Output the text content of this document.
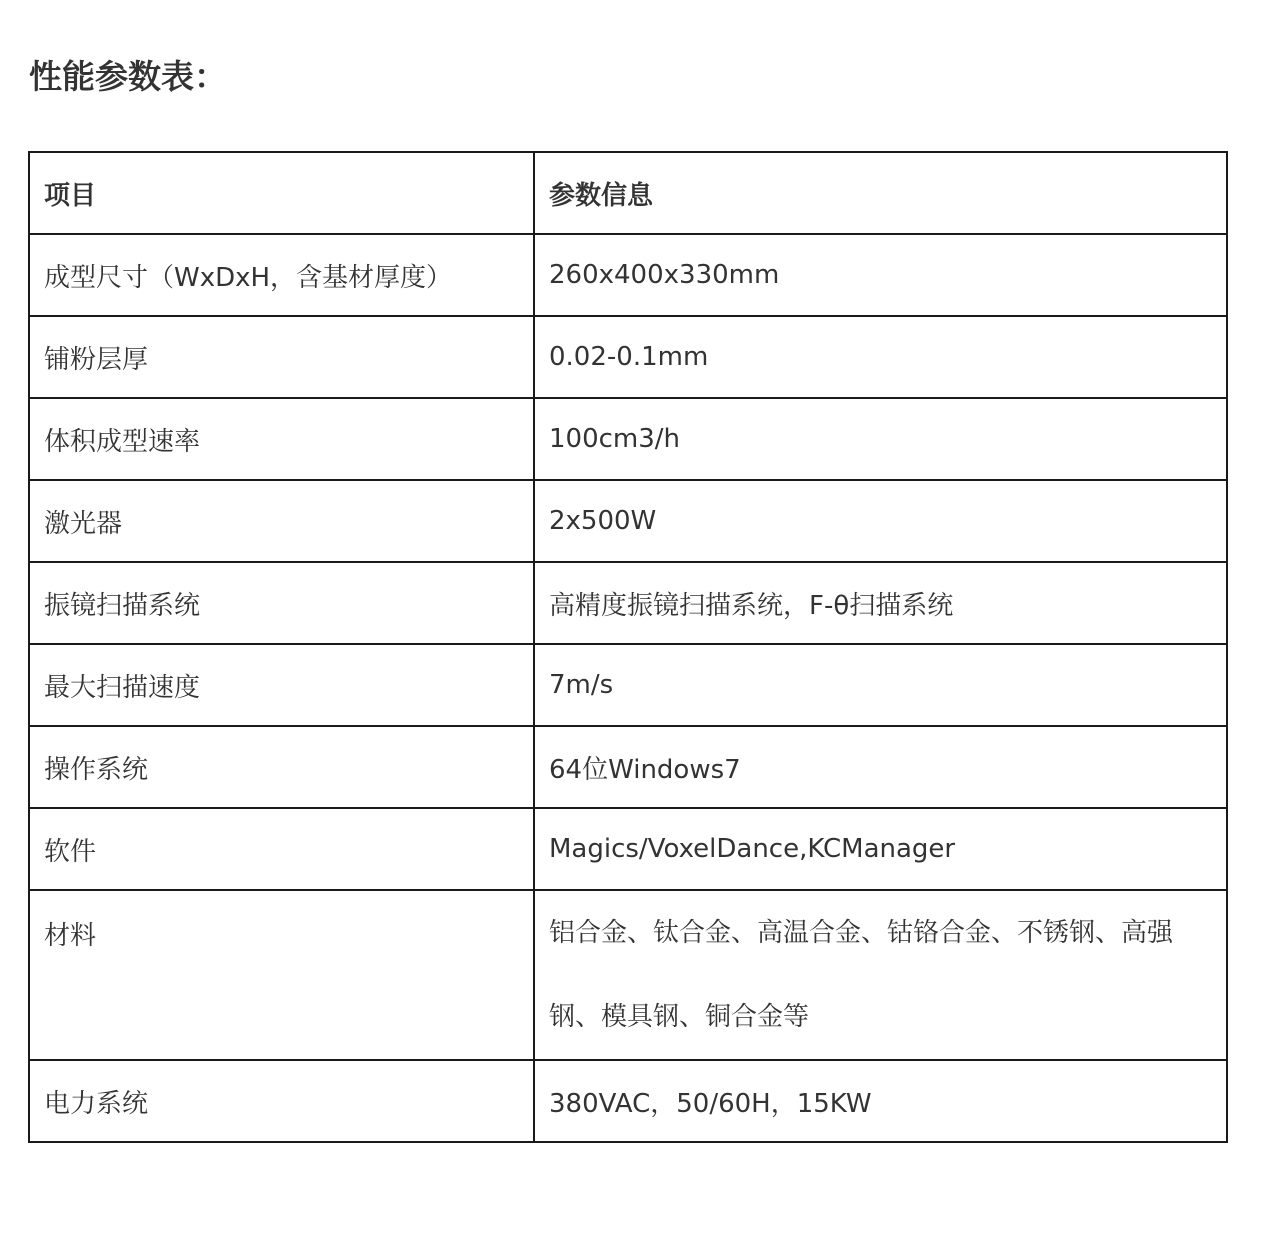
性能参数表：
项目	参数信息
成型尺寸（WxDxH，含基材厚度）	260x400x330mm
铺粉层厚	0.02-0.1mm
体积成型速率	100cm3/h
激光器	2x500W
振镜扫描系统	高精度振镜扫描系统，F-θ扫描系统
最大扫描速度	7m/s
操作系统	64位Windows7
软件	Magics/VoxelDance,KCManager
材料	铝合金、钛合金、高温合金、钴铬合金、不锈钢、高强钢、模具钢、铜合金等
电力系统	380VAC，50/60H，15KW
